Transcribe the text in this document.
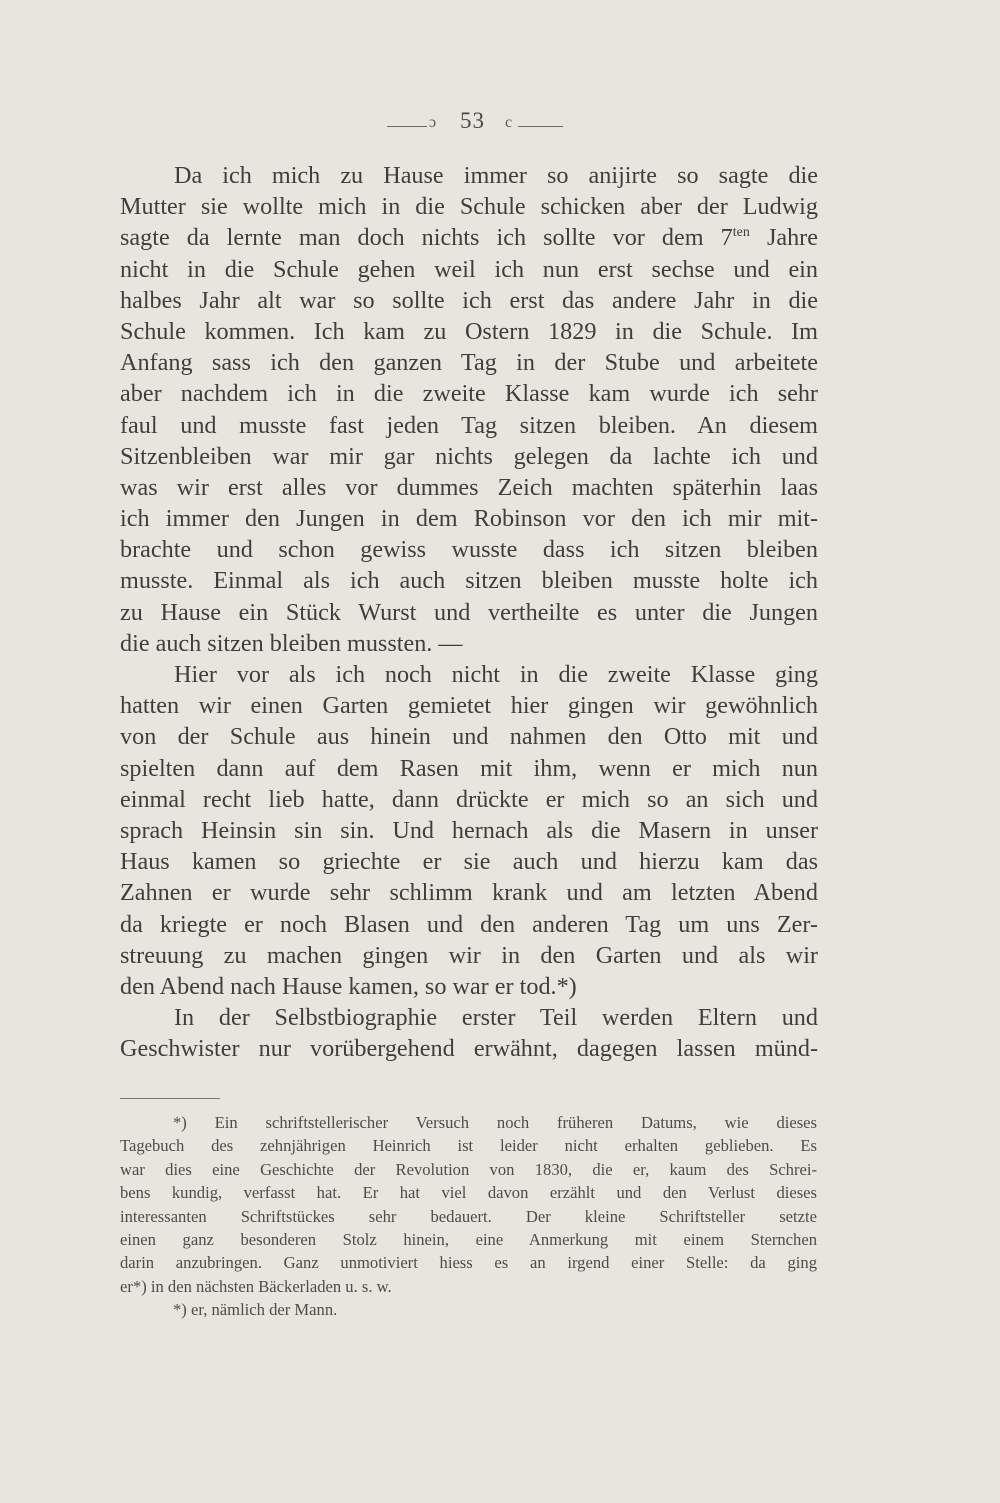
ɔ 53 c
Da ich mich zu Hause immer so anijirte so sagte die
Mutter sie wollte mich in die Schule schicken aber der Ludwig
sagte da lernte man doch nichts ich sollte vor dem $7^{ten}$ Jahre
nicht in die Schule gehen weil ich nun erst sechse und ein
halbes Jahr alt war so sollte ich erst das andere Jahr in die
Schule kommen. Ich kam zu Ostern 1829 in die Schule. Im
Anfang sass ich den ganzen Tag in der Stube und arbeitete
aber nachdem ich in die zweite Klasse kam wurde ich sehr
faul und musste fast jeden Tag sitzen bleiben. An diesem
Sitzenbleiben war mir gar nichts gelegen da lachte ich und
was wir erst alles vor dummes Zeich machten späterhin laas
ich immer den Jungen in dem Robinson vor den ich mir mit-
brachte und schon gewiss wusste dass ich sitzen bleiben
musste. Einmal als ich auch sitzen bleiben musste holte ich
zu Hause ein Stück Wurst und vertheilte es unter die Jungen
die auch sitzen bleiben mussten. —
Hier vor als ich noch nicht in die zweite Klasse ging
hatten wir einen Garten gemietet hier gingen wir gewöhnlich
von der Schule aus hinein und nahmen den Otto mit und
spielten dann auf dem Rasen mit ihm, wenn er mich nun
einmal recht lieb hatte, dann drückte er mich so an sich und
sprach Heinsin sin sin. Und hernach als die Masern in unser
Haus kamen so griechte er sie auch und hierzu kam das
Zahnen er wurde sehr schlimm krank und am letzten Abend
da kriegte er noch Blasen und den anderen Tag um uns Zer-
streuung zu machen gingen wir in den Garten und als wir
den Abend nach Hause kamen, so war er tod.*)
In der Selbstbiographie erster Teil werden Eltern und
Geschwister nur vorübergehend erwähnt, dagegen lassen münd-
*) Ein schriftstellerischer Versuch noch früheren Datums, wie dieses
Tagebuch des zehnjährigen Heinrich ist leider nicht erhalten geblieben. Es
war dies eine Geschichte der Revolution von 1830, die er, kaum des Schrei-
bens kundig, verfasst hat. Er hat viel davon erzählt und den Verlust dieses
interessanten Schriftstückes sehr bedauert. Der kleine Schriftsteller setzte
einen ganz besonderen Stolz hinein, eine Anmerkung mit einem Sternchen
darin anzubringen. Ganz unmotiviert hiess es an irgend einer Stelle: da ging
er*) in den nächsten Bäckerladen u. s. w.
*) er, nämlich der Mann.
